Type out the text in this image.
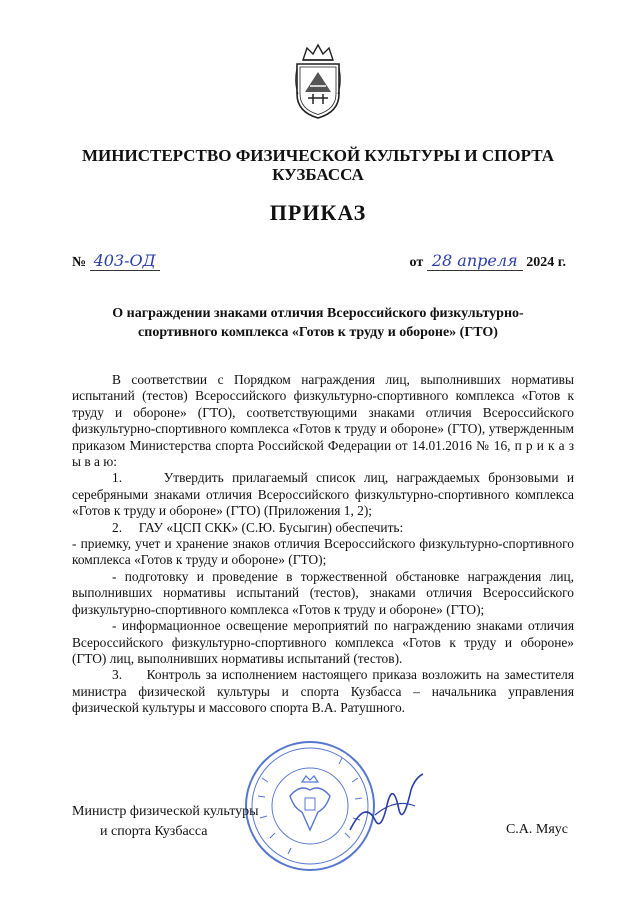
МИНИСТЕРСТВО ФИЗИЧЕСКОЙ КУЛЬТУРЫ И СПОРТА
КУЗБАССА
ПРИКАЗ
№ 403-ОД	от 28 апреля 2024 г.
О награждении знаками отличия Всероссийского физкультурно-
спортивного комплекса «Готов к труду и обороне» (ГТО)

В соответствии с Порядком награждения лиц, выполнивших нормативы испытаний (тестов) Всероссийского физкультурно-спортивного комплекса «Готов к труду и обороне» (ГТО), соответствующими знаками отличия Всероссийского физкультурно-спортивного комплекса «Готов к труду и обороне» (ГТО), утвержденным приказом Министерства спорта Российской Федерации от 14.01.2016 № 16, п р и к а з ы в а ю:

1.     Утвердить прилагаемый список лиц, награждаемых бронзовыми и серебряными знаками отличия Всероссийского физкультурно-спортивного комплекса «Готов к труду и обороне» (ГТО) (Приложения 1, 2);

2.     ГАУ «ЦСП СКК» (С.Ю. Бусыгин) обеспечить:

- приемку, учет и хранение знаков отличия Всероссийского физкультурно-спортивного комплекса «Готов к труду и обороне» (ГТО);

- подготовку и проведение в торжественной обстановке награждения лиц, выполнивших нормативы испытаний (тестов), знаками отличия Всероссийского физкультурно-спортивного комплекса «Готов к труду и обороне» (ГТО);

- информационное освещение мероприятий по награждению знаками отличия Всероссийского физкультурно-спортивного комплекса «Готов к труду и обороне» (ГТО) лиц, выполнивших нормативы испытаний (тестов).

3.     Контроль за исполнением настоящего приказа возложить на заместителя министра физической культуры и спорта Кузбасса – начальника управления физической культуры и массового спорта В.А. Ратушного.

Министр физической культуры
и спорта Кузбасса	С.А. Мяус
